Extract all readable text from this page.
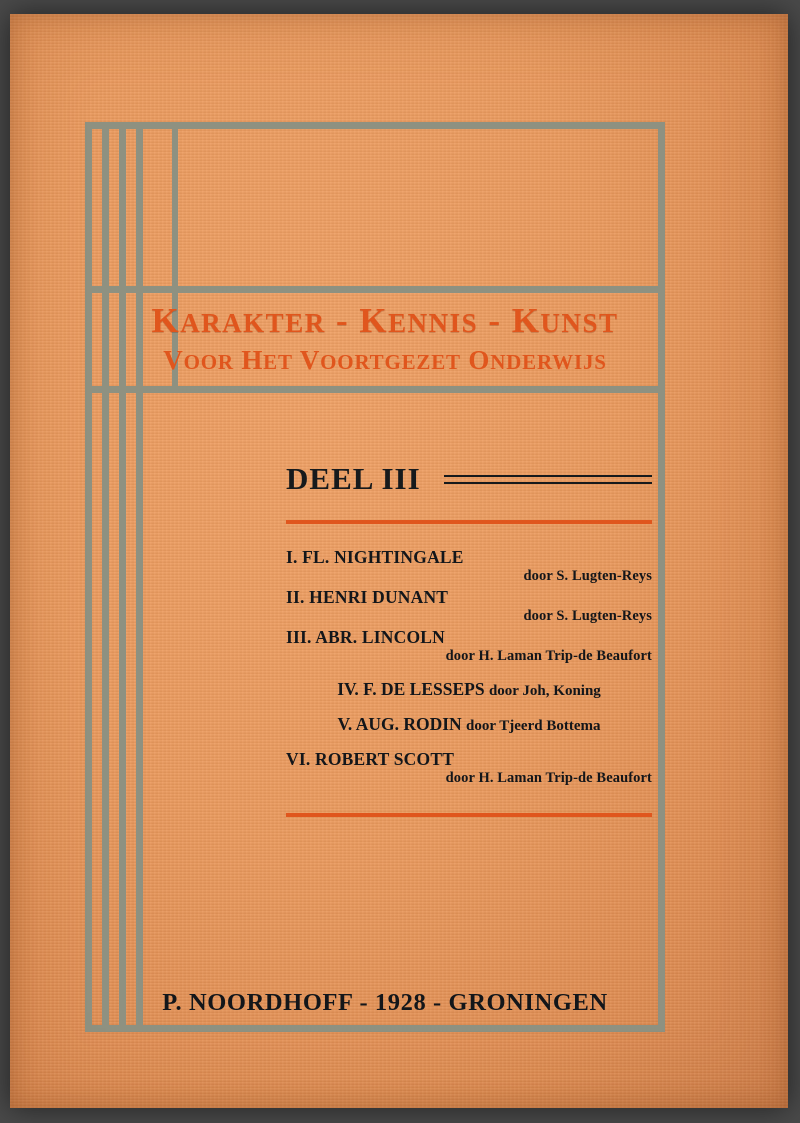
KARAKTER - KENNIS - KUNST
VOOR HET VOORTGEZET ONDERWIJS
DEEL III
I. FL. NIGHTINGALE
door S. Lugten-Reys
II. HENRI DUNANT
door S. Lugten-Reys
III. ABR. LINCOLN
door H. Laman Trip-de Beaufort
IV. F. DE LESSEPS door Joh, Koning
V. AUG. RODIN door Tjeerd Bottema
VI. ROBERT SCOTT
door H. Laman Trip-de Beaufort
P. NOORDHOFF - 1928 - GRONINGEN
